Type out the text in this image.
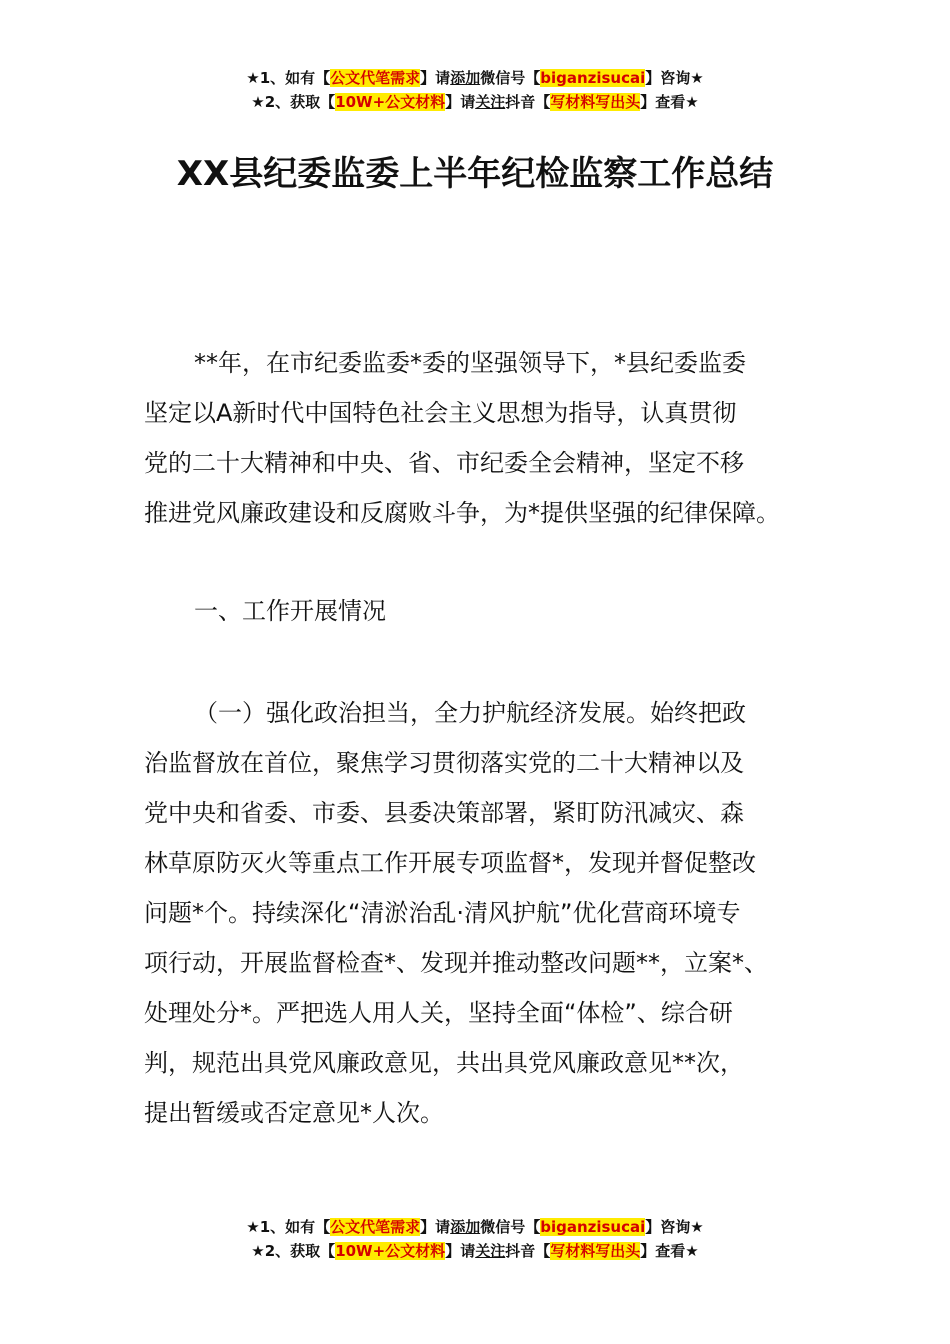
★1、如有【公文代笔需求】请添加微信号【biganzisucai】咨询★
★2、获取【10W+公文材料】请关注抖音【写材料写出头】查看★
XX县纪委监委上半年纪检监察工作总结
**年，在市纪委监委*委的坚强领导下，*县纪委监委
坚定以A新时代中国特色社会主义思想为指导，认真贯彻
党的二十大精神和中央、省、市纪委全会精神，坚定不移
推进党风廉政建设和反腐败斗争，为*提供坚强的纪律保障。
一、工作开展情况
（一）强化政治担当，全力护航经济发展。始终把政
治监督放在首位，聚焦学习贯彻落实党的二十大精神以及
党中央和省委、市委、县委决策部署，紧盯防汛减灾、森
林草原防灭火等重点工作开展专项监督*，发现并督促整改
问题*个。持续深化“清淤治乱·清风护航”优化营商环境专
项行动，开展监督检查*、发现并推动整改问题**，立案*、
处理处分*。严把选人用人关，坚持全面“体检”、综合研
判，规范出具党风廉政意见，共出具党风廉政意见**次，
提出暂缓或否定意见*人次。
★1、如有【公文代笔需求】请添加微信号【biganzisucai】咨询★
★2、获取【10W+公文材料】请关注抖音【写材料写出头】查看★
